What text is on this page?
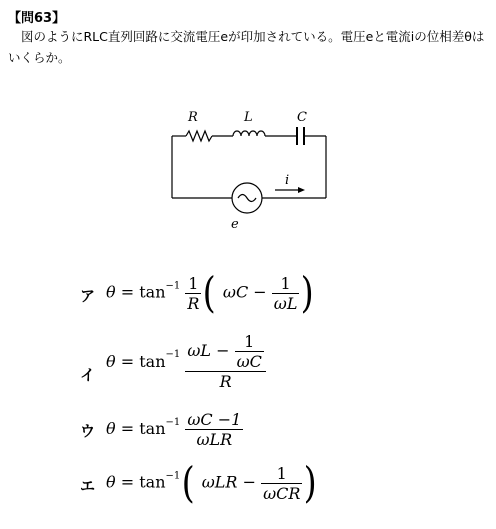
【問63】
図のようにRLC直列回路に交流電圧eが印加されている。電圧eと電流iの位相差θはいくらか。
R	L	C
i
e
ア $\theta = \tan^{-1} \frac{1}{R}$ ( $\omega C - \frac{1}{\omega L}$ )
イ
$\theta = \tan^{-1} \frac{\omega L - \frac{1}{\omega C}}{R}$
ウ $\theta = \tan^{-1} \frac{\omega C -1}{\text{ωLR}}$
エ $\theta = \tan^{-1}$( $\omega LR - \frac{1}{\text{ωCR}}$ )
